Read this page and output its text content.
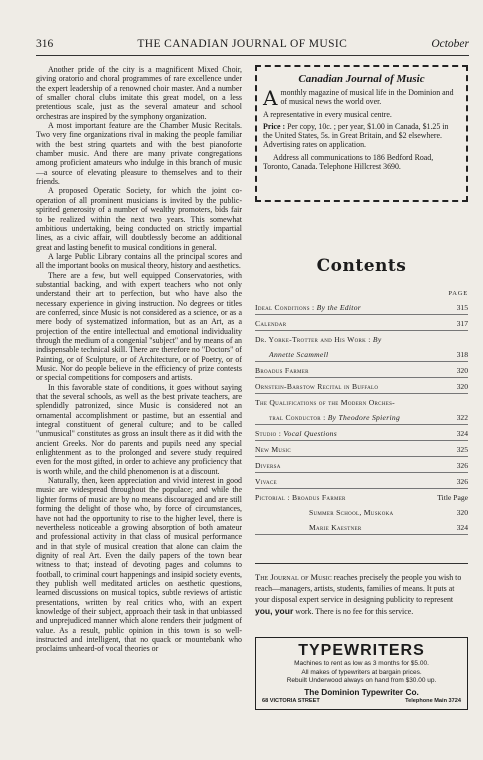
316	THE CANADIAN JOURNAL OF MUSIC	October

Another pride of the city is a magnificent Mixed Choir, giving oratorio and choral programmes of rare excellence under the expert leadership of a renowned choir master. And a number of smaller choral clubs imitate this great model, on a less pretentious scale, just as the several amateur and school orchestras are inspired by the symphony organization.

A most important feature are the Chamber Music Recitals. Two very fine organizations rival in making the people familiar with the best string quartets and with the best pianoforte chamber music. And there are many private congregations among proficient amateurs who indulge in this branch of music—a source of elevating pleasure to themselves and to their friends.

A proposed Operatic Society, for which the joint co-operation of all prominent musicians is invited by the public-spirited generosity of a number of wealthy promoters, bids fair to be realized within the next two years. This somewhat ambitious undertaking, being conducted on strictly impartial lines, as a civic affair, will doubtlessly become an additional great and lasting benefit to musical conditions in general.

A large Public Library contains all the principal scores and all the important books on musical theory, history and aesthetics.

There are a few, but well equipped Conservatories, with substantial backing, and with expert teachers who not only understand their art to perfection, but who have also the necessary experience in giving instruction. No degrees or titles are conferred, since Music is not considered as a science, or as a mere body of systematized information, but as an Art, as a projection of the entire intellectual and emotional individuality through the medium of a congenial "subject" and by means of an indispensable technical skill. There are therefore no "Doctors" of Painting, or of Sculpture, or of Architecture, or of Poetry, or of Music. Nor do people believe in the efficiency of prize contests or special competitions for composers and artists.

In this favorable state of conditions, it goes without saying that the several schools, as well as the best private teachers, are splendidly patronized, since Music is considered not an ornamental accomplishment or pastime, but an essential and integral constituent of general culture; and to be called "unmusical" constitutes as gross an insult there as it did with the ancient Greeks. Nor do parents and pupils need any special enlightenment as to the prolonged and severe study required even for the most gifted, in order to achieve any proficiency that is worth while, and the child phenomenon is at a discount.

Naturally, then, keen appreciation and vivid interest in good music are widespread throughout the populace; and while the lighter forms of music are by no means discouraged and are still forming the delight of those who, by force of circumstances, have not had the opportunity to rise to the higher level, there is nevertheless noticeable a growing absorption of both amateur and professional activity in that class of musical performance and in that style of musical creation that alone can claim the dignity of real Art. Even the daily papers of the town bear witness to that; instead of devoting pages and columns to football, to criminal court happenings and insipid society events, they publish well meditated articles on aesthetic questions, learned discussions on musical topics, subtle reviews of artistic presentations, written by real critics who, with an expert knowledge of their subject, approach their task in that unbiassed and unprejudiced manner which alone renders their judgment of value. As a result, public opinion in this town is so well-instructed and intelligent, that no quack or mountebank who proclaims unheard-of vocal theories or

Canadian Journal of Music

Amonthly magazine of musical life in the Dominion and of musical news the world over.

A representative in every musical centre.

Price : Per copy, 10c. ; per year, $1.00 in Canada, $1.25 in the United States, 5s. in Great Britain, and $2 elsewhere. Advertising rates on application.

Address all communications to 186 Bedford Road, Toronto, Canada. Telephone Hillcrest 3690.

Contents
PAGE
Ideal Conditions : By the Editor	315
Calendar	317
Dr. Yorke-Trotter and His Work : By
Annette Scammell	318
Broadus Farmer	320
Ornstein-Barstow Recital in Buffalo	320
The Qualifications of the Modern Orches-
tral Conductor : By Theodore Spiering	322
Studio : Vocal Questions	324
New Music	325
Diversa	326
Vivace	326
Pictorial : Broadus Farmer	Title Page
Summer School, Muskoka	320
Marie Kaestner	324
The Journal of Music reaches precisely the people you wish to reach—managers, artists, students, families of means. It puts at your disposal expert service in designing publicity to represent you, your work. There is no fee for this service.
TYPEWRITERS
Machines to rent as low as 3 months for $5.00.
All makes of typewriters at bargain prices.
Rebuilt Underwood always on hand from $30.00 up.
The Dominion Typewriter Co.
68 VICTORIA STREET	Telephone Main 3724
